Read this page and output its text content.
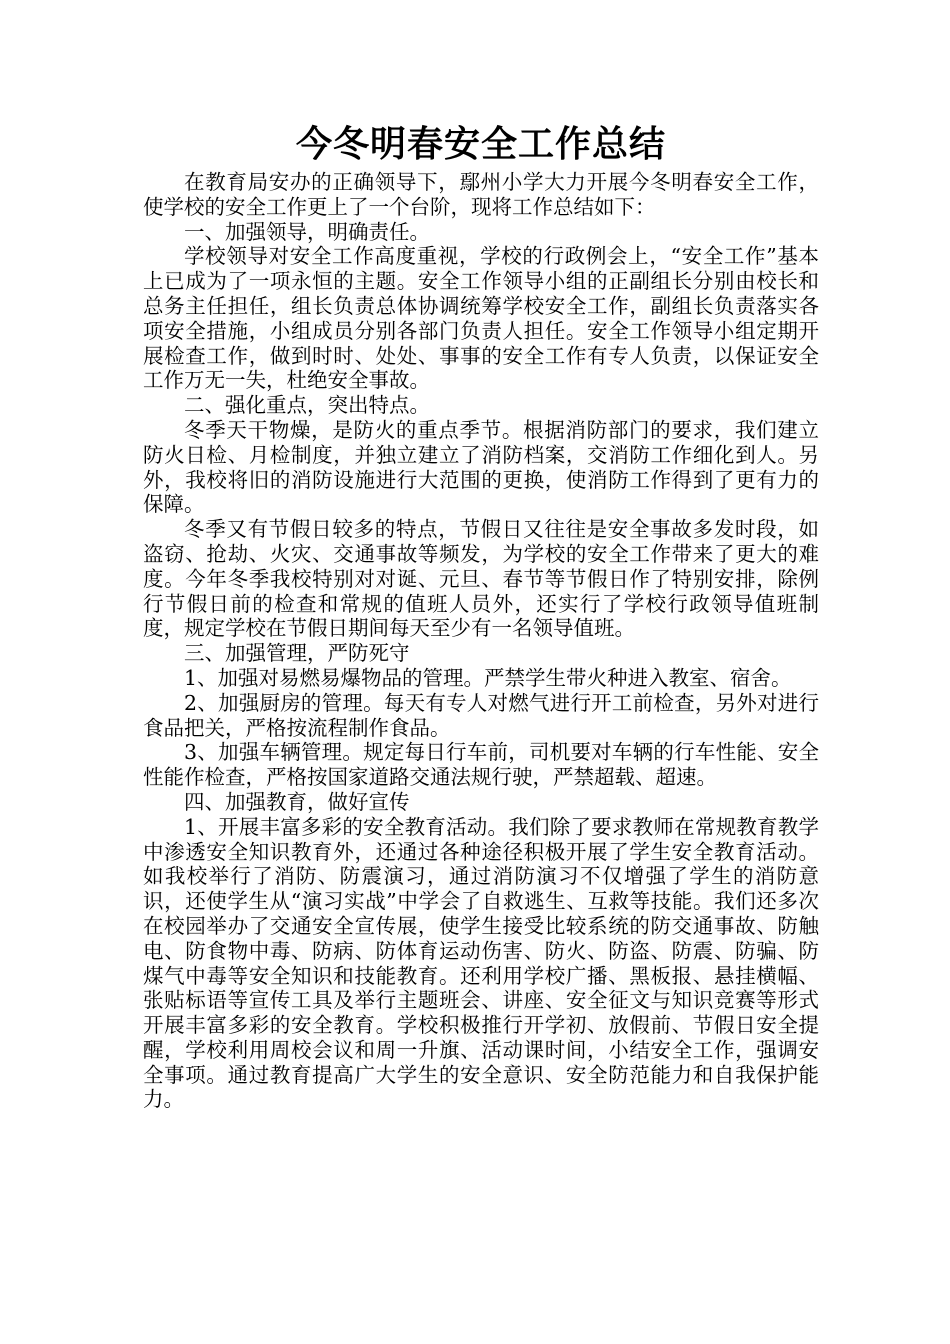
今冬明春安全工作总结

在教育局安办的正确领导下，鄢州小学大力开展今冬明春安全工作，使学校的安全工作更上了一个台阶，现将工作总结如下：

一、加强领导，明确责任。

学校领导对安全工作高度重视，学校的行政例会上，“安全工作”基本上已成为了一项永恒的主题。安全工作领导小组的正副组长分别由校长和总务主任担任，组长负责总体协调统筹学校安全工作，副组长负责落实各项安全措施，小组成员分别各部门负责人担任。安全工作领导小组定期开展检查工作，做到时时、处处、事事的安全工作有专人负责，以保证安全工作万无一失，杜绝安全事故。

二、强化重点，突出特点。

冬季天干物燥，是防火的重点季节。根据消防部门的要求，我们建立防火日检、月检制度，并独立建立了消防档案，交消防工作细化到人。另外，我校将旧的消防设施进行大范围的更换，使消防工作得到了更有力的保障。

冬季又有节假日较多的特点，节假日又往往是安全事故多发时段，如盗窃、抢劫、火灾、交通事故等频发，为学校的安全工作带来了更大的难度。今年冬季我校特别对对诞、元旦、春节等节假日作了特别安排，除例行节假日前的检查和常规的值班人员外，还实行了学校行政领导值班制度，规定学校在节假日期间每天至少有一名领导值班。

三、加强管理，严防死守

1、加强对易燃易爆物品的管理。严禁学生带火种进入教室、宿舍。

2、加强厨房的管理。每天有专人对燃气进行开工前检查，另外对进行食品把关，严格按流程制作食品。

3、加强车辆管理。规定每日行车前，司机要对车辆的行车性能、安全性能作检查，严格按国家道路交通法规行驶，严禁超载、超速。

四、加强教育，做好宣传

1、开展丰富多彩的安全教育活动。我们除了要求教师在常规教育教学中渗透安全知识教育外，还通过各种途径积极开展了学生安全教育活动。如我校举行了消防、防震演习，通过消防演习不仅增强了学生的消防意识，还使学生从“演习实战”中学会了自救逃生、互救等技能。我们还多次在校园举办了交通安全宣传展，使学生接受比较系统的防交通事故、防触电、防食物中毒、防病、防体育运动伤害、防火、防盗、防震、防骗、防煤气中毒等安全知识和技能教育。还利用学校广播、黑板报、悬挂横幅、张贴标语等宣传工具及举行主题班会、讲座、安全征文与知识竞赛等形式开展丰富多彩的安全教育。学校积极推行开学初、放假前、节假日安全提醒，学校利用周校会议和周一升旗、活动课时间，小结安全工作，强调安全事项。通过教育提高广大学生的安全意识、安全防范能力和自我保护能力。
